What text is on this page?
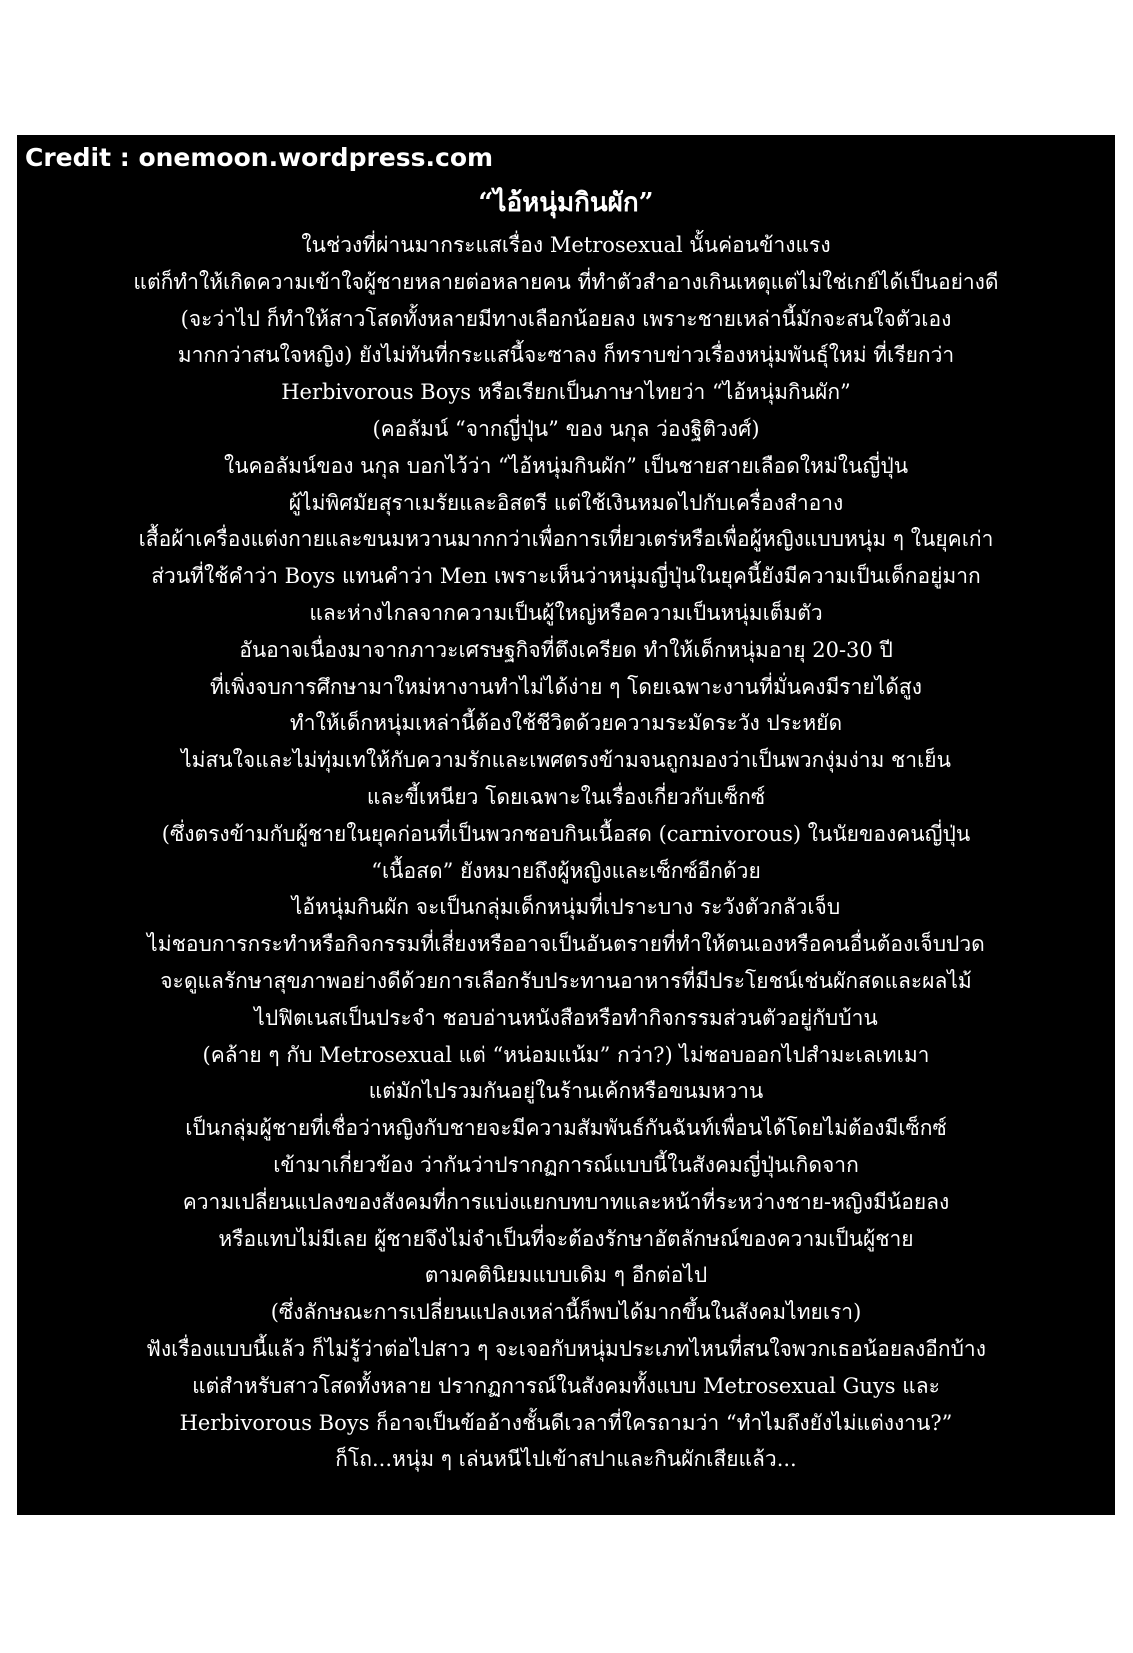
Credit : onemoon.wordpress.com
“ไอ้หนุ่มกินผัก”
ในช่วงที่ผ่านมากระแสเรื่อง Metrosexual นั้นค่อนข้างแรง
แต่ก็ทำให้เกิดความเข้าใจผู้ชายหลายต่อหลายคน ที่ทำตัวสำอางเกินเหตุแต่ไม่ใช่เกย์ได้เป็นอย่างดี
(จะว่าไป ก็ทำให้สาวโสดทั้งหลายมีทางเลือกน้อยลง เพราะชายเหล่านี้มักจะสนใจตัวเอง
มากกว่าสนใจหญิง) ยังไม่ทันที่กระแสนี้จะซาลง ก็ทราบข่าวเรื่องหนุ่มพันธุ์ใหม่ ที่เรียกว่า
Herbivorous Boys หรือเรียกเป็นภาษาไทยว่า “ไอ้หนุ่มกินผัก”
(คอลัมน์ “จากญี่ปุ่น” ของ นกุล ว่องฐิติวงศ์)
ในคอลัมน์ของ นกุล บอกไว้ว่า “ไอ้หนุ่มกินผัก” เป็นชายสายเลือดใหม่ในญี่ปุ่น
ผู้ไม่พิศมัยสุราเมรัยและอิสตรี แต่ใช้เงินหมดไปกับเครื่องสำอาง
เสื้อผ้าเครื่องแต่งกายและขนมหวานมากกว่าเพื่อการเที่ยวเตร่หรือเพื่อผู้หญิงแบบหนุ่ม ๆ ในยุคเก่า
ส่วนที่ใช้คำว่า Boys แทนคำว่า Men เพราะเห็นว่าหนุ่มญี่ปุ่นในยุคนี้ยังมีความเป็นเด็กอยู่มาก
และห่างไกลจากความเป็นผู้ใหญ่หรือความเป็นหนุ่มเต็มตัว
อันอาจเนื่องมาจากภาวะเศรษฐกิจที่ตึงเครียด ทำให้เด็กหนุ่มอายุ 20-30 ปี
ที่เพิ่งจบการศึกษามาใหม่หางานทำไม่ได้ง่าย ๆ โดยเฉพาะงานที่มั่นคงมีรายได้สูง
ทำให้เด็กหนุ่มเหล่านี้ต้องใช้ชีวิตด้วยความระมัดระวัง ประหยัด
ไม่สนใจและไม่ทุ่มเทให้กับความรักและเพศตรงข้ามจนถูกมองว่าเป็นพวกงุ่มง่าม ชาเย็น
และขี้เหนียว โดยเฉพาะในเรื่องเกี่ยวกับเซ็กซ์
(ซึ่งตรงข้ามกับผู้ชายในยุคก่อนที่เป็นพวกชอบกินเนื้อสด (carnivorous) ในนัยของคนญี่ปุ่น
“เนื้อสด” ยังหมายถึงผู้หญิงและเซ็กซ์อีกด้วย
ไอ้หนุ่มกินผัก จะเป็นกลุ่มเด็กหนุ่มที่เปราะบาง ระวังตัวกลัวเจ็บ
ไม่ชอบการกระทำหรือกิจกรรมที่เสี่ยงหรืออาจเป็นอันตรายที่ทำให้ตนเองหรือคนอื่นต้องเจ็บปวด
จะดูแลรักษาสุขภาพอย่างดีด้วยการเลือกรับประทานอาหารที่มีประโยชน์เช่นผักสดและผลไม้
ไปฟิตเนสเป็นประจำ ชอบอ่านหนังสือหรือทำกิจกรรมส่วนตัวอยู่กับบ้าน
(คล้าย ๆ กับ Metrosexual แต่ “หน่อมแน้ม” กว่า?) ไม่ชอบออกไปสำมะเลเทเมา
แต่มักไปรวมกันอยู่ในร้านเค้กหรือขนมหวาน
เป็นกลุ่มผู้ชายที่เชื่อว่าหญิงกับชายจะมีความสัมพันธ์กันฉันท์เพื่อนได้โดยไม่ต้องมีเซ็กซ์
เข้ามาเกี่ยวข้อง ว่ากันว่าปรากฏการณ์แบบนี้ในสังคมญี่ปุ่นเกิดจาก
ความเปลี่ยนแปลงของสังคมที่การแบ่งแยกบทบาทและหน้าที่ระหว่างชาย-หญิงมีน้อยลง
หรือแทบไม่มีเลย ผู้ชายจึงไม่จำเป็นที่จะต้องรักษาอัตลักษณ์ของความเป็นผู้ชาย
ตามคตินิยมแบบเดิม ๆ อีกต่อไป
(ซึ่งลักษณะการเปลี่ยนแปลงเหล่านี้ก็พบได้มากขึ้นในสังคมไทยเรา)
ฟังเรื่องแบบนี้แล้ว ก็ไม่รู้ว่าต่อไปสาว ๆ จะเจอกับหนุ่มประเภทไหนที่สนใจพวกเธอน้อยลงอีกบ้าง
แต่สำหรับสาวโสดทั้งหลาย ปรากฏการณ์ในสังคมทั้งแบบ Metrosexual Guys และ
Herbivorous Boys ก็อาจเป็นข้ออ้างชั้นดีเวลาที่ใครถามว่า “ทำไมถึงยังไม่แต่งงาน?”
ก็โถ...หนุ่ม ๆ เล่นหนีไปเข้าสปาและกินผักเสียแล้ว...
